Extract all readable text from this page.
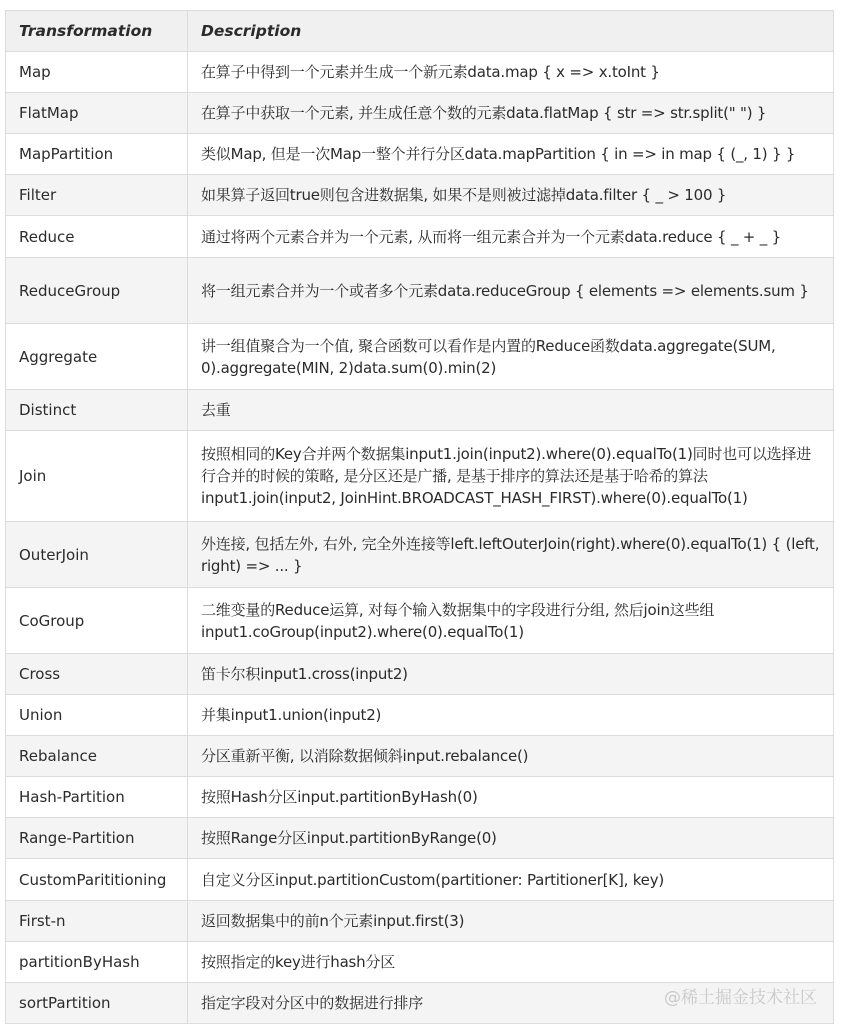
Transformation	Description
Map	在算子中得到一个元素并生成一个新元素data.map { x => x.toInt }
FlatMap	在算子中获取一个元素, 并生成任意个数的元素data.flatMap { str => str.split(" ") }
MapPartition	类似Map, 但是一次Map一整个并行分区data.mapPartition { in => in map { (_, 1) } }
Filter	如果算子返回true则包含进数据集, 如果不是则被过滤掉data.filter { _ > 100 }
Reduce	通过将两个元素合并为一个元素, 从而将一组元素合并为一个元素data.reduce { _ + _ }
ReduceGroup	将一组元素合并为一个或者多个元素data.reduceGroup { elements => elements.sum }
Aggregate	讲一组值聚合为一个值, 聚合函数可以看作是内置的Reduce函数data.aggregate(SUM, 0).aggregate(MIN, 2)data.sum(0).min(2)
Distinct	去重
Join	按照相同的Key合并两个数据集input1.join(input2).where(0).equalTo(1)同时也可以选择进行合并的时候的策略, 是分区还是广播, 是基于排序的算法还是基于哈希的算法input1.join(input2, JoinHint.BROADCAST_HASH_FIRST).where(0).equalTo(1)
OuterJoin	外连接, 包括左外, 右外, 完全外连接等left.leftOuterJoin(right).where(0).equalTo(1) { (left, right) => ... }
CoGroup	二维变量的Reduce运算, 对每个输入数据集中的字段进行分组, 然后join这些组input1.coGroup(input2).where(0).equalTo(1)
Cross	笛卡尔积input1.cross(input2)
Union	并集input1.union(input2)
Rebalance	分区重新平衡, 以消除数据倾斜input.rebalance()
Hash-Partition	按照Hash分区input.partitionByHash(0)
Range-Partition	按照Range分区input.partitionByRange(0)
CustomParititioning	自定义分区input.partitionCustom(partitioner: Partitioner[K], key)
First-n	返回数据集中的前n个元素input.first(3)
partitionByHash	按照指定的key进行hash分区
sortPartition	指定字段对分区中的数据进行排序	@稀土掘金技术社区
